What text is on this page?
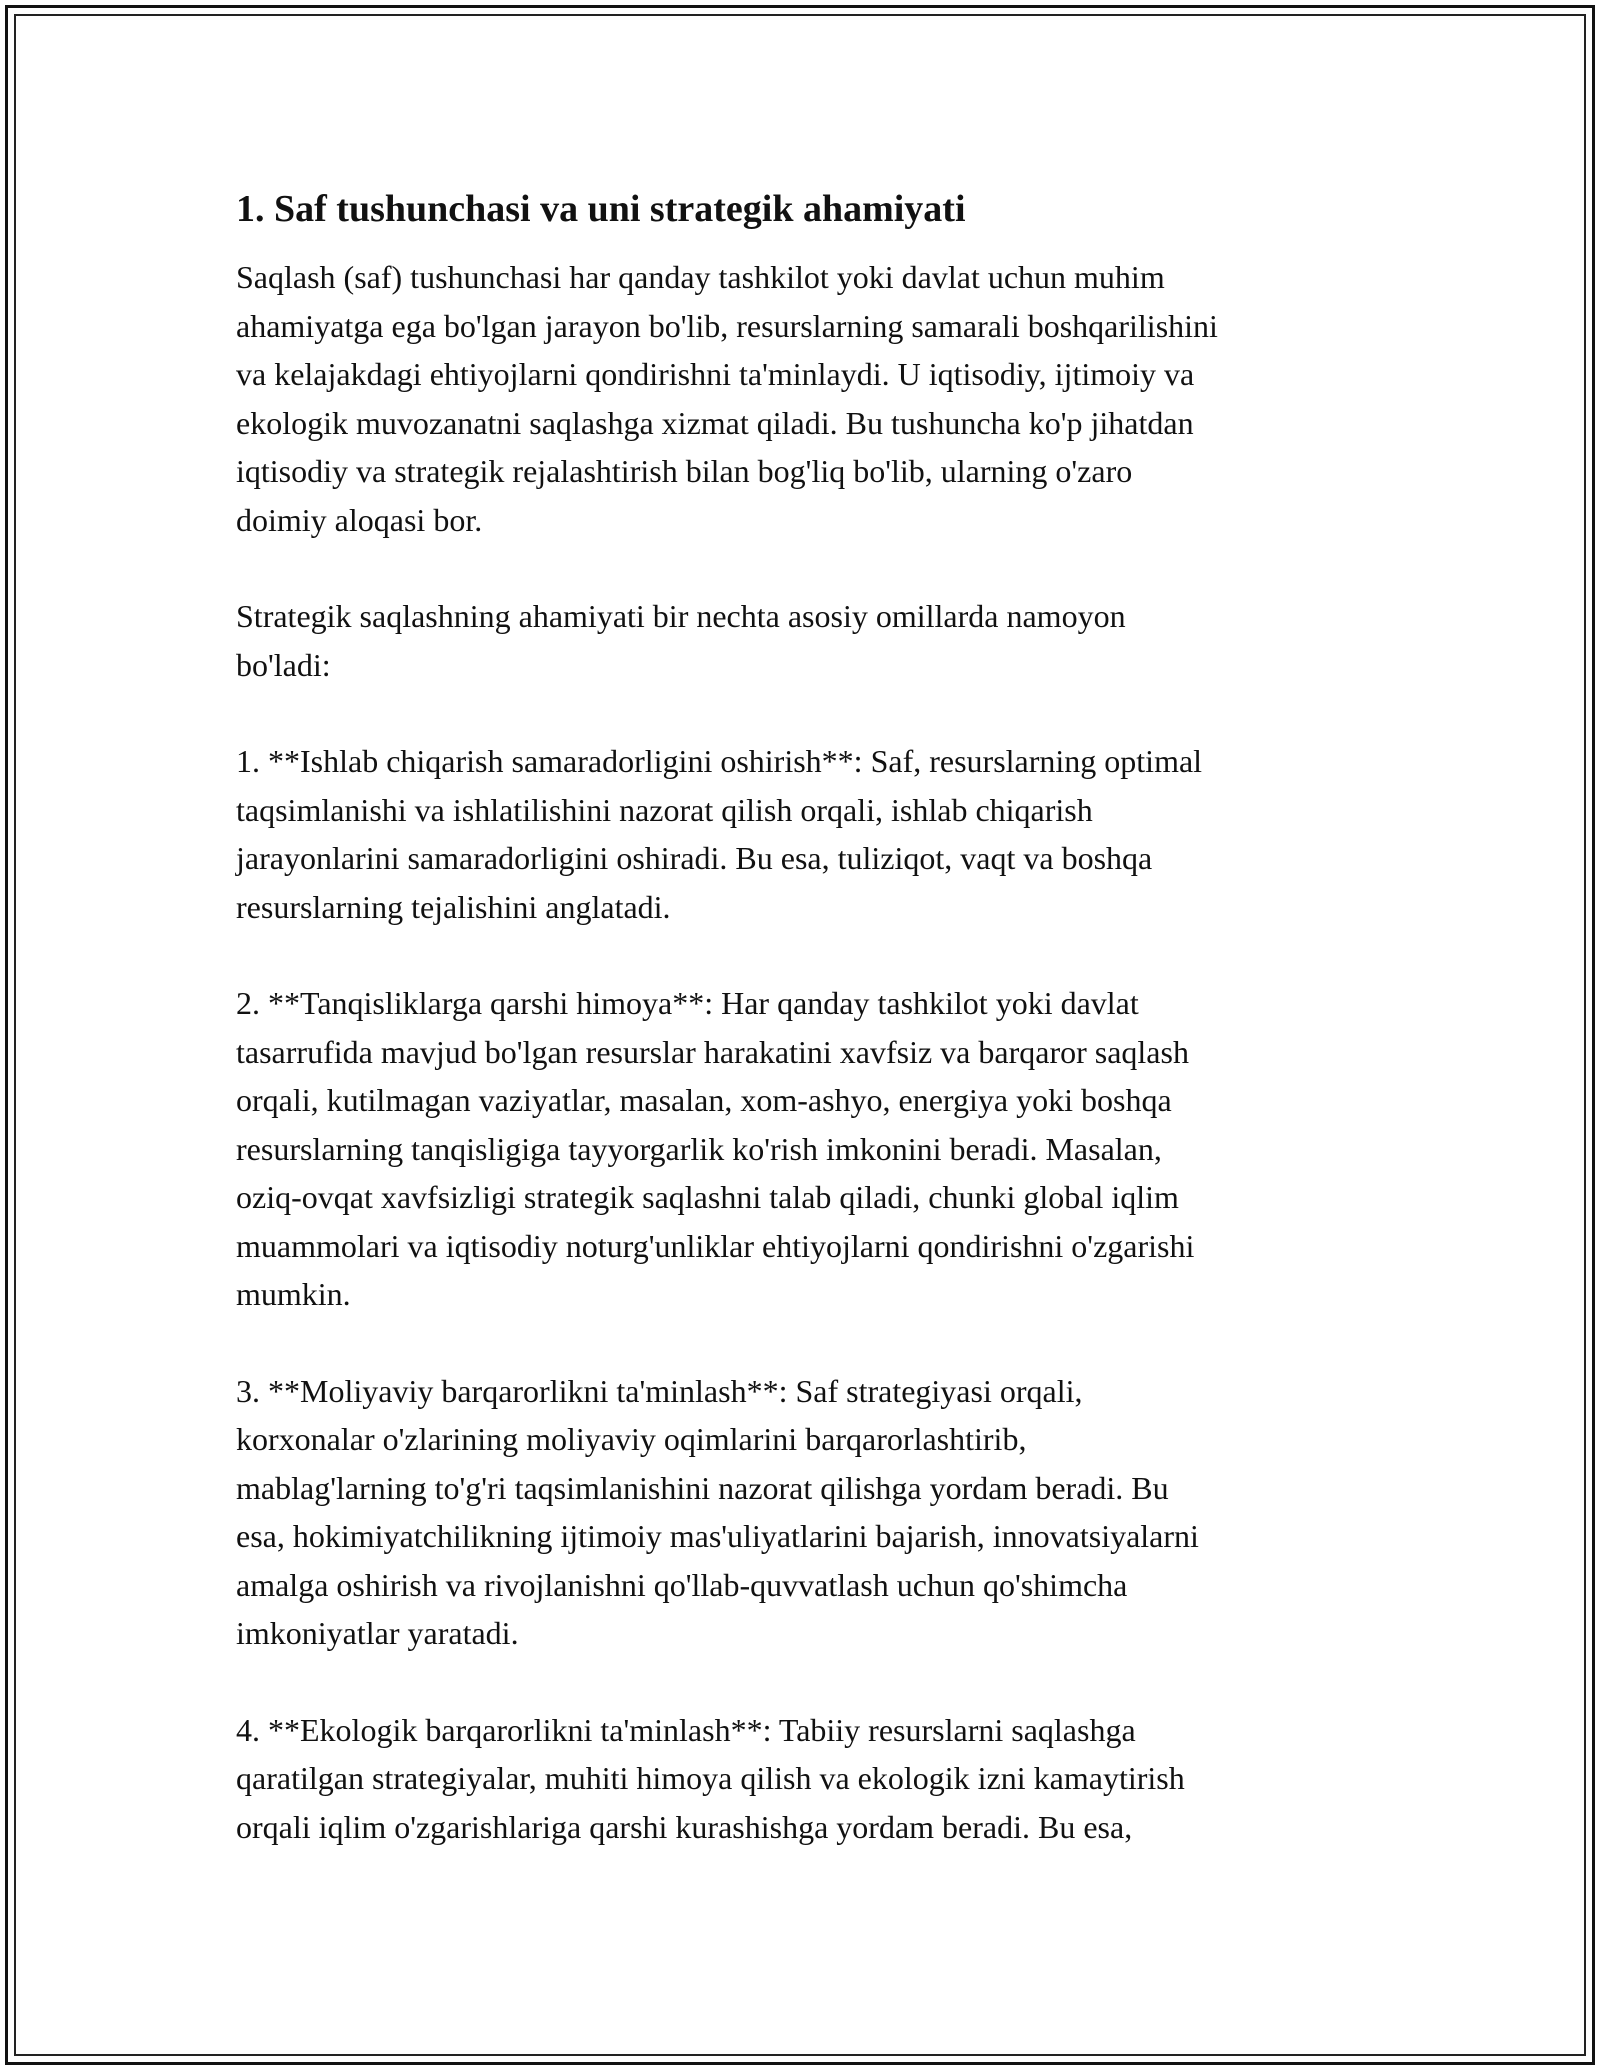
1. Saf tushunchasi va uni strategik ahamiyati

Saqlash (saf) tushunchasi har qanday tashkilot yoki davlat uchun muhim
ahamiyatga ega bo'lgan jarayon bo'lib, resurslarning samarali boshqarilishini
va kelajakdagi ehtiyojlarni qondirishni ta'minlaydi. U iqtisodiy, ijtimoiy va
ekologik muvozanatni saqlashga xizmat qiladi. Bu tushuncha ko'p jihatdan
iqtisodiy va strategik rejalashtirish bilan bog'liq bo'lib, ularning o'zaro
doimiy aloqasi bor.

Strategik saqlashning ahamiyati bir nechta asosiy omillarda namoyon
bo'ladi:

1. **Ishlab chiqarish samaradorligini oshirish**: Saf, resurslarning optimal
taqsimlanishi va ishlatilishini nazorat qilish orqali, ishlab chiqarish
jarayonlarini samaradorligini oshiradi. Bu esa, tuliziqot, vaqt va boshqa
resurslarning tejalishini anglatadi.

2. **Tanqisliklarga qarshi himoya**: Har qanday tashkilot yoki davlat
tasarrufida mavjud bo'lgan resurslar harakatini xavfsiz va barqaror saqlash
orqali, kutilmagan vaziyatlar, masalan, xom-ashyo, energiya yoki boshqa
resurslarning tanqisligiga tayyorgarlik ko'rish imkonini beradi. Masalan,
oziq-ovqat xavfsizligi strategik saqlashni talab qiladi, chunki global iqlim
muammolari va iqtisodiy noturg'unliklar ehtiyojlarni qondirishni o'zgarishi
mumkin.

3. **Moliyaviy barqarorlikni ta'minlash**: Saf strategiyasi orqali,
korxonalar o'zlarining moliyaviy oqimlarini barqarorlashtirib,
mablag'larning to'g'ri taqsimlanishini nazorat qilishga yordam beradi. Bu
esa, hokimiyatchilikning ijtimoiy mas'uliyatlarini bajarish, innovatsiyalarni
amalga oshirish va rivojlanishni qo'llab-quvvatlash uchun qo'shimcha
imkoniyatlar yaratadi.

4. **Ekologik barqarorlikni ta'minlash**: Tabiiy resurslarni saqlashga
qaratilgan strategiyalar, muhiti himoya qilish va ekologik izni kamaytirish
orqali iqlim o'zgarishlariga qarshi kurashishga yordam beradi. Bu esa,
